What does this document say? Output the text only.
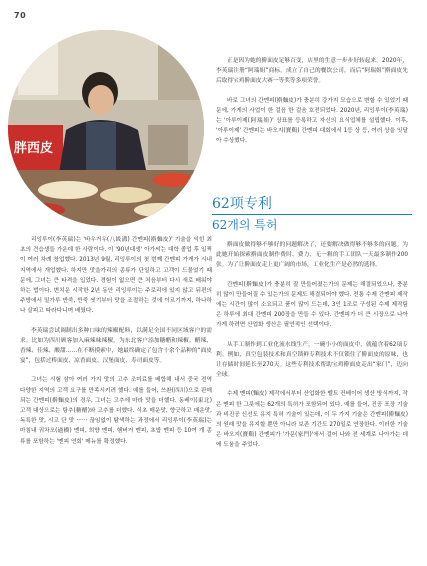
70
胖西皮

正是因为她的擀面皮足够百变，店里的生意一步步好转起来。2020年，李英瑞注册“阿瑞姐”商标，成立了自己的餐饮公司，而后“阿瑞姐”擀面皮先后取得宝鸡擀面皮大赛一等奖等多项荣誉。

바로 그녀의 간멘피(擀麵皮)가 충분히 강가지 모습으로 변할 수 있었기 때문에, 가게의 사업이 한 걸음 한 걸음 호전되었다. 2020년, 리잉루이(李英瑞)는 '아루이제(阿瑞姐)' 상표를 등록하고 자신의 요식업체를 설립했다. 이후, '아루이제' 간멘피는 바오지(寶鷄) 간멘피 대회에서 1등 상 등, 여러 상을 잇달아 수상했다.

62项专利
62개의 특허

리잉루이(李英瑞)는 '바우거우(八級溝) 간멘피(擀麵皮)' 기술을 익힌 최초의 견습생들 가운데 한 사람이다. 이 '90년대생' 아가씨는 대학 졸업 후 일찍이 여러 차례 창업했다. 2013년 9월, 리잉루이의 첫 번째 간멘피 가게가 시내 지역에서 개업했다. 하지만 맛을가리의 종류가 단일하고 고객이 드물었기 때문에, 그녀는 큰 타격을 입었다. 경험이 없으면 큰 처음부터 다시 새로 배워야 하는 법이다. 변치운 시작한 2년 동안 리잉루이는 주로리에 있지 않고 뒤편의 주방에서 밀가루 반죽, 반죽 씻기부터 맛을 조절하는 것에 이르기까지, 하나하나 살피고 따라다니며 배웠다.

李英瑞尝试调制出多种口味的辣椒配料，以满足全国不同区域客户的需求。比如为四川顾客加入麻辣味辣椒，为东北客户添加糖醋和辣椒。醋辣、香辣、佳辣、酸甜……在不断摸索中，她最终确定了包含十余个品种的“面皮宴”，包括过桥面皮、凉香面皮、汉堡面皮、寿司面皮等。

그녀는 시험 삼아 여러 가지 맛의 고추 조미료를 배합해 내서 중국 전역 다양한 지역의 고객 요구를 만족시키려 했다. 예를 들어, 쓰촨(四川)으로 판매되는 간멘피(擀麵皮)의 경우, 그녀는 고추에 마라 맛을 더했다. 동베이(東北)고객 대상으로는 탕추(糖醋)와 고추를 더했다. 식초 매운맛, 향긋하고 매운맛, 독특한 맛, 시고 단 맛 ······ 끊임없이 탐색하는 과정에서 리잉루이(李英瑞)는 마침내 궈차오(過橋) 멘피, 희향 멘피, 햄버거 멘피, 초밥 멘피 등 10여 개 종류를 포함하는 '멘피 연회' 메뉴를 확정했다.

擀面皮做得够不够好的问题解决了，还要解决做得够不够多的问题。为此她开始探索擀面皮制作费时、费力、无一粗的手工团队一天最多制作200张。为了让擀面皮走上更广阔的市场，工业化生产是必然的选择。

간멘피(擀麵皮)가 충분히 잘 만들어졌는가의 문제는 해결되었으나, 충분히 많이 만들어질 수 있는가의 문제도 해결되어야 했다. 전통 수제 간멘피 제작에는 시간이 많이 소요되고 품이 많이 드는데, 3인 1조로 구성된 수제 제작팀은 하루에 최대 간멘피 200장을 만들 수 있다. 간멘피가 더 큰 시장으로 나아가게 하려면 산업화 생산은 필연적인 선택이다.

从手工制作到工业化流水线生产，一碗小小的面皮中，就蕴含着62项专利。例如，真空包装技术和真空锁鲜专利技术不仅锁住了擀面皮的原味，也让存储时间延长至270天。这些专利技术帮助宝鸡擀面皮走出“家门”，迈向全球。

수제 멘피(麵皮) 제작에서부터 산업화한 벨트 컨베이어 생산 방식까지, 작은 멘피 한 그릇에는 62개의 특허가 포함되어 있다. 예를 들어, 진공 포장 기술과 비진공 신선도 유지 특허 기술이 있는데, 이 두 가지 기술은 간멘피(擀麵皮)의 원래 맛을 유지할 뿐만 아니라 보존 기간도 270일로 연장한다. 이러한 기술은 바오지(寶鷄) 간멘피가 '가문(家門)'에서 걸어 나와 전 세계로 나아가는 데에 도움을 주었다.
